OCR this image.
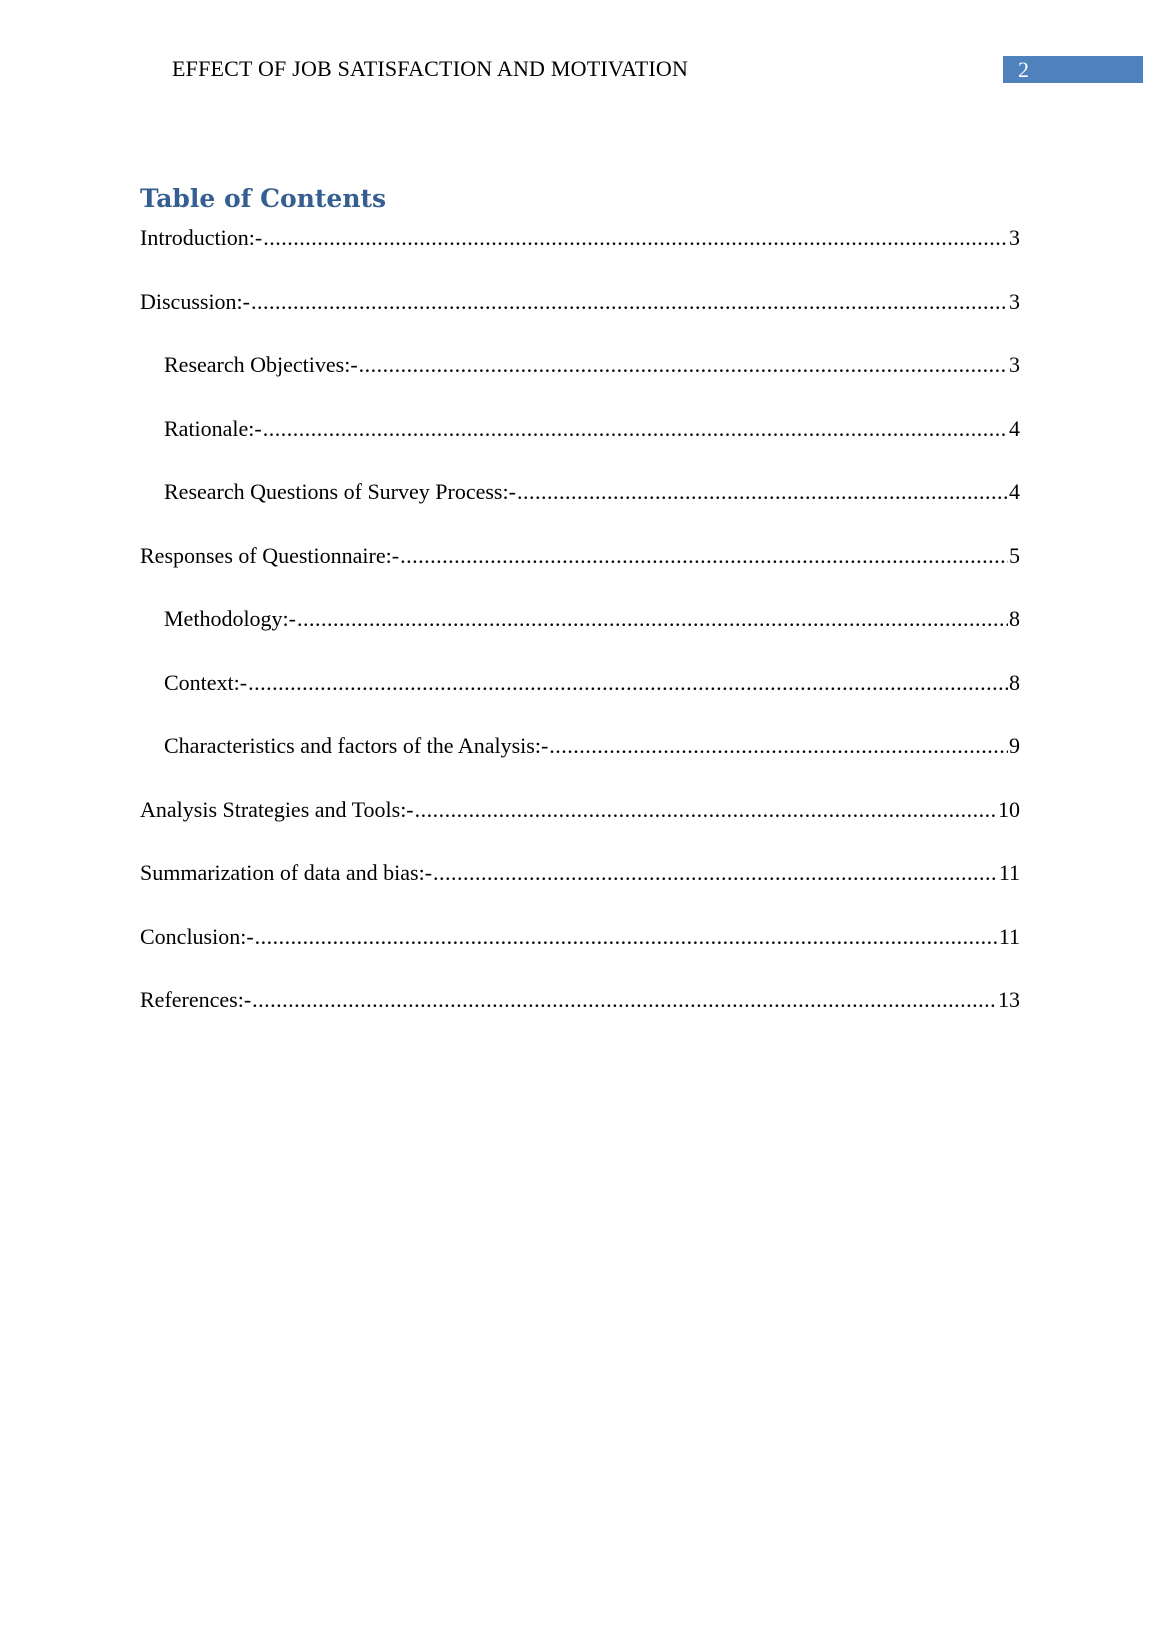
EFFECT OF JOB SATISFACTION AND MOTIVATION	2
Table of Contents
Introduction:- .....	3
Discussion:- .....	3
Research Objectives:- .....	3
Rationale:- .....	4
Research Questions of Survey Process:- .....	4
Responses of Questionnaire:- .....	5
Methodology:- .....	8
Context:- .....	8
Characteristics and factors of the Analysis:- .....	9
Analysis Strategies and Tools:- .....	10
Summarization of data and bias:- .....	11
Conclusion:- .....	11
References:- .....	13
